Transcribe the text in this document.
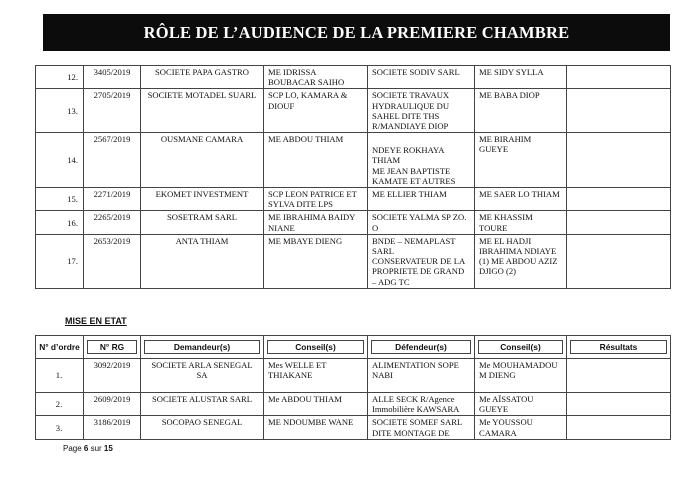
RÔLE DE L’AUDIENCE DE LA PREMIERE CHAMBRE
12.	3405/2019	SOCIETE PAPA GASTRO	ME IDRISSA BOUBACAR SAIHO	SOCIETE SODIV SARL	ME SIDY SYLLA	
13.	2705/2019	SOCIETE MOTADEL SUARL	SCP LO, KAMARA & DIOUF	SOCIETE TRAVAUX HYDRAULIQUE DU SAHEL DITE THS R/MANDIAYE DIOP	ME BABA DIOP	
14.	2567/2019	OUSMANE CAMARA	ME ABDOU THIAM	NDEYE ROKHAYA THIAM
ME JEAN BAPTISTE KAMATE ET AUTRES	ME BIRAHIM GUEYE	
15.	2271/2019	EKOMET INVESTMENT	SCP LEON PATRICE ET SYLVA DITE LPS	ME ELLIER THIAM	ME SAER LO THIAM	
16.	2265/2019	SOSETRAM SARL	ME IBRAHIMA BAIDY NIANE	SOCIETE YALMA SP ZO. O	ME KHASSIM TOURE	
17.	2653/2019	ANTA THIAM	ME MBAYE DIENG	BNDE – NEMAPLAST SARL
CONSERVATEUR DE LA PROPRIETE DE GRAND – ADG TC	ME EL HADJI IBRAHIMA NDIAYE (1) ME ABDOU AZIZ DJIGO (2)	
MISE EN ETAT
N° d’ordre	N° RG	Demandeur(s)	Conseil(s)	Défendeur(s)	Conseil(s)	Résultats

1.	3092/2019	SOCIETE ARLA SENEGAL SA	Mes WELLE ET THIAKANE	ALIMENTATION SOPE NABI	Me MOUHAMADOU M DIENG	
2.	2609/2019	SOCIETE ALUSTAR SARL	Me ABDOU THIAM	ALLE SECK R/Agence Immobilière KAWSARA	Me AÏSSATOU GUEYE	
3.	3186/2019	SOCOPAO SENEGAL	ME NDOUMBE WANE	SOCIETE SOMEF SARL DITE MONTAGE DE	Me YOUSSOU CAMARA	
Page 6 sur 15
